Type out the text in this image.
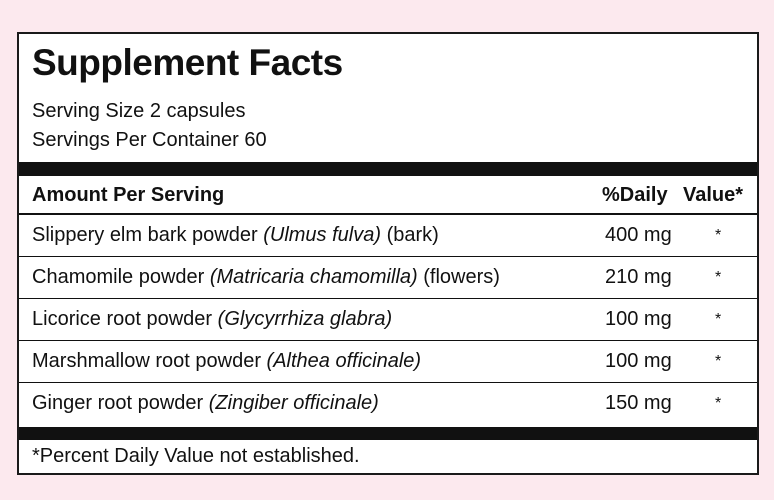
Supplement Facts
Serving Size 2 capsules
Servings Per Container 60
Amount Per Serving	%Daily Value*
Slippery elm bark powder (Ulmus fulva) (bark)	400 mg	*
Chamomile powder (Matricaria chamomilla) (flowers)	210 mg	*
Licorice root powder (Glycyrrhiza glabra)	100 mg	*
Marshmallow root powder (Althea officinale)	100 mg	*
Ginger root powder (Zingiber officinale)	150 mg	*
*Percent Daily Value not established.
